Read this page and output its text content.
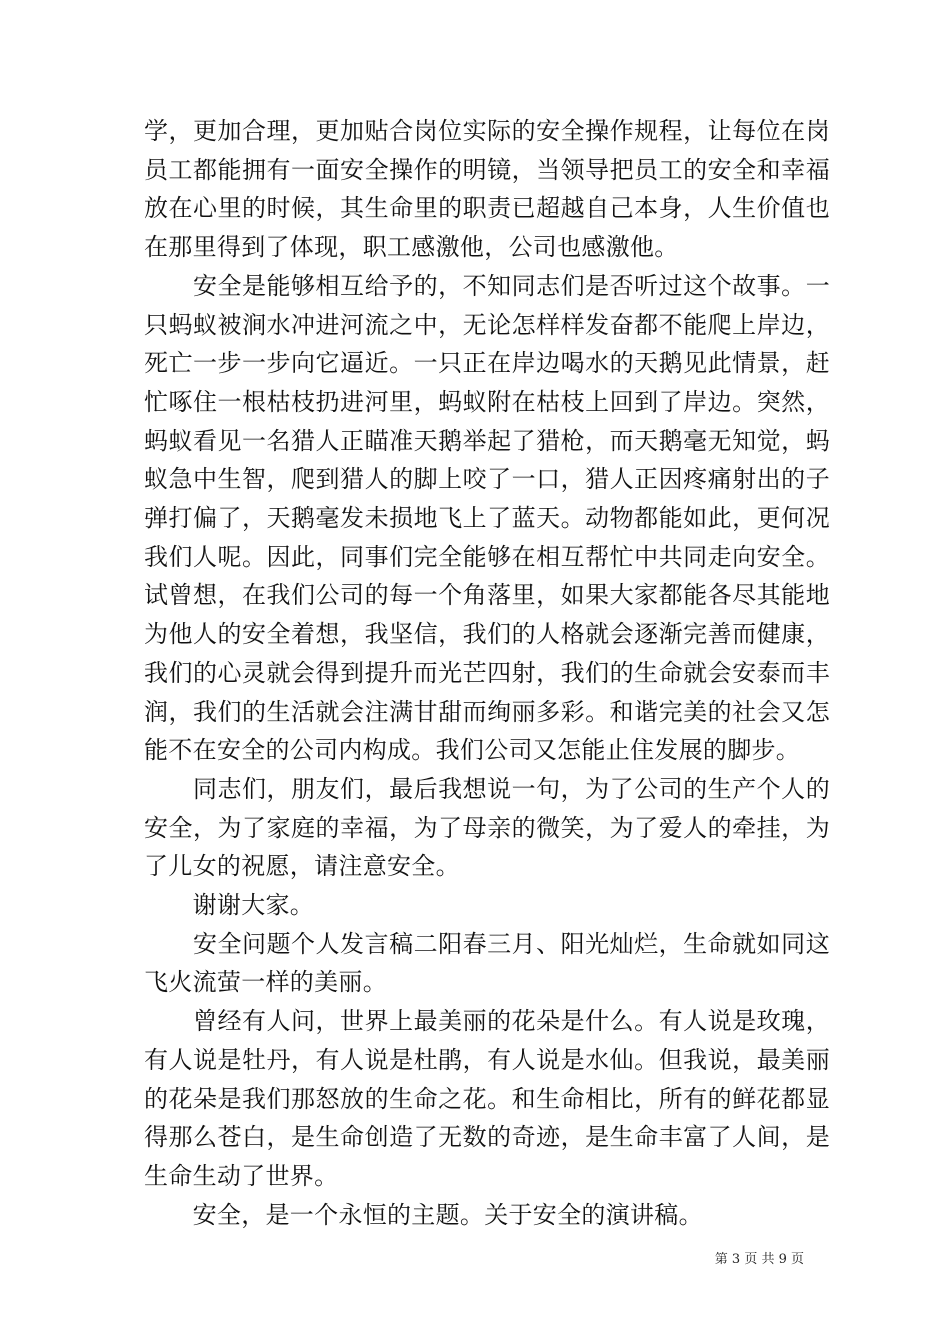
学，更加合理，更加贴合岗位实际的安全操作规程，让每位在岗员工都能拥有一面安全操作的明镜，当领导把员工的安全和幸福放在心里的时候，其生命里的职责已超越自己本身，人生价值也在那里得到了体现，职工感激他，公司也感激他。

　　安全是能够相互给予的，不知同志们是否听过这个故事。一只蚂蚁被涧水冲进河流之中，无论怎样样发奋都不能爬上岸边，死亡一步一步向它逼近。一只正在岸边喝水的天鹅见此情景，赶忙啄住一根枯枝扔进河里，蚂蚁附在枯枝上回到了岸边。突然，蚂蚁看见一名猎人正瞄准天鹅举起了猎枪，而天鹅毫无知觉，蚂蚁急中生智，爬到猎人的脚上咬了一口，猎人正因疼痛射出的子弹打偏了，天鹅毫发未损地飞上了蓝天。动物都能如此，更何况我们人呢。因此，同事们完全能够在相互帮忙中共同走向安全。试曾想，在我们公司的每一个角落里，如果大家都能各尽其能地为他人的安全着想，我坚信，我们的人格就会逐渐完善而健康，我们的心灵就会得到提升而光芒四射，我们的生命就会安泰而丰润，我们的生活就会注满甘甜而绚丽多彩。和谐完美的社会又怎能不在安全的公司内构成。我们公司又怎能止住发展的脚步。

　　同志们，朋友们，最后我想说一句，为了公司的生产个人的安全，为了家庭的幸福，为了母亲的微笑，为了爱人的牵挂，为了儿女的祝愿，请注意安全。

　　谢谢大家。

　　安全问题个人发言稿二阳春三月、阳光灿烂，生命就如同这飞火流萤一样的美丽。

　　曾经有人问，世界上最美丽的花朵是什么。有人说是玫瑰，有人说是牡丹，有人说是杜鹃，有人说是水仙。但我说，最美丽的花朵是我们那怒放的生命之花。和生命相比，所有的鲜花都显得那么苍白，是生命创造了无数的奇迹，是生命丰富了人间，是生命生动了世界。

　　安全，是一个永恒的主题。关于安全的演讲稿。

第 3 页 共 9 页
